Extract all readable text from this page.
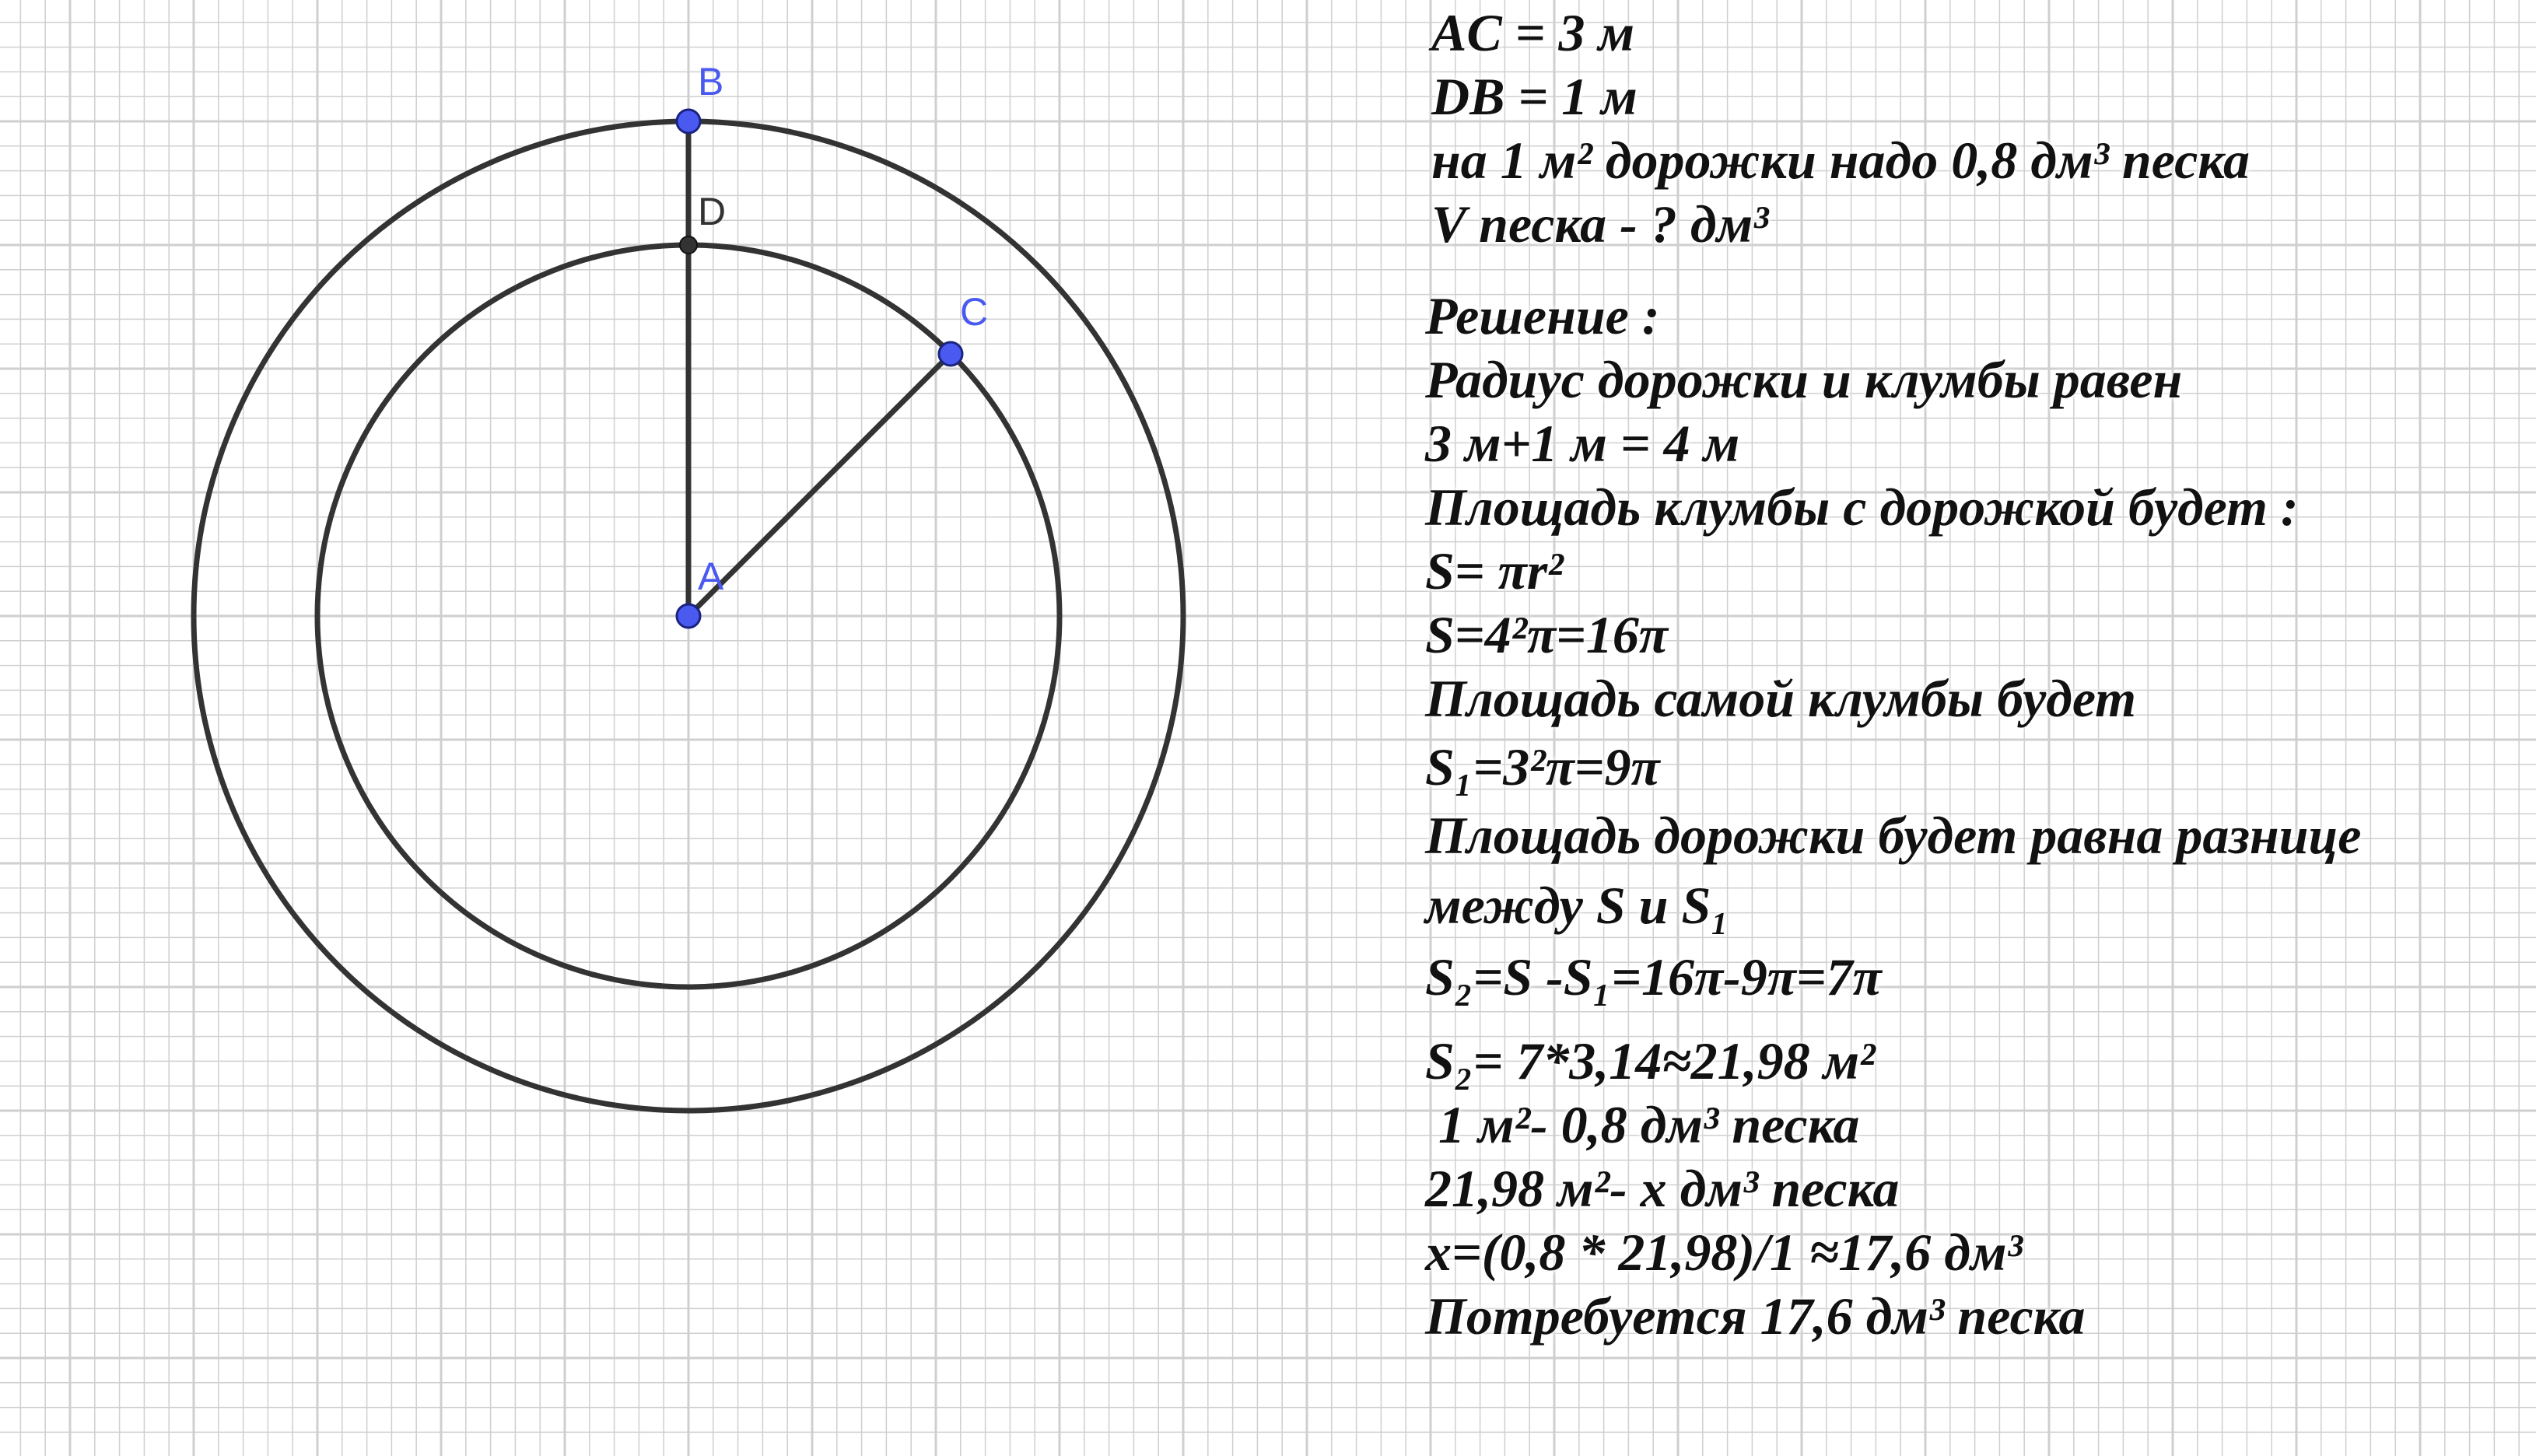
B
D
C
A
AC = 3 м
DB = 1 м
на 1 м² дорожки надо 0,8 дм³ песка
V песка - ? дм³
Решение :
Радиус дорожки и клумбы равен
3 м+1 м = 4 м
Площадь клумбы с дорожкой будет :
S= πr²
S=4²π=16π
Площадь самой клумбы будет
S₁=3²π=9π
Площадь дорожки будет равна разнице
между S и S₁
S₂=S -S₁=16π-9π=7π
S₂= 7*3,14≈21,98 м²
1 м²- 0,8 дм³ песка
21,98 м²- x дм³ песка
x=(0,8 * 21,98)/1 ≈17,6 дм³
Потребуется 17,6 дм³ песка
